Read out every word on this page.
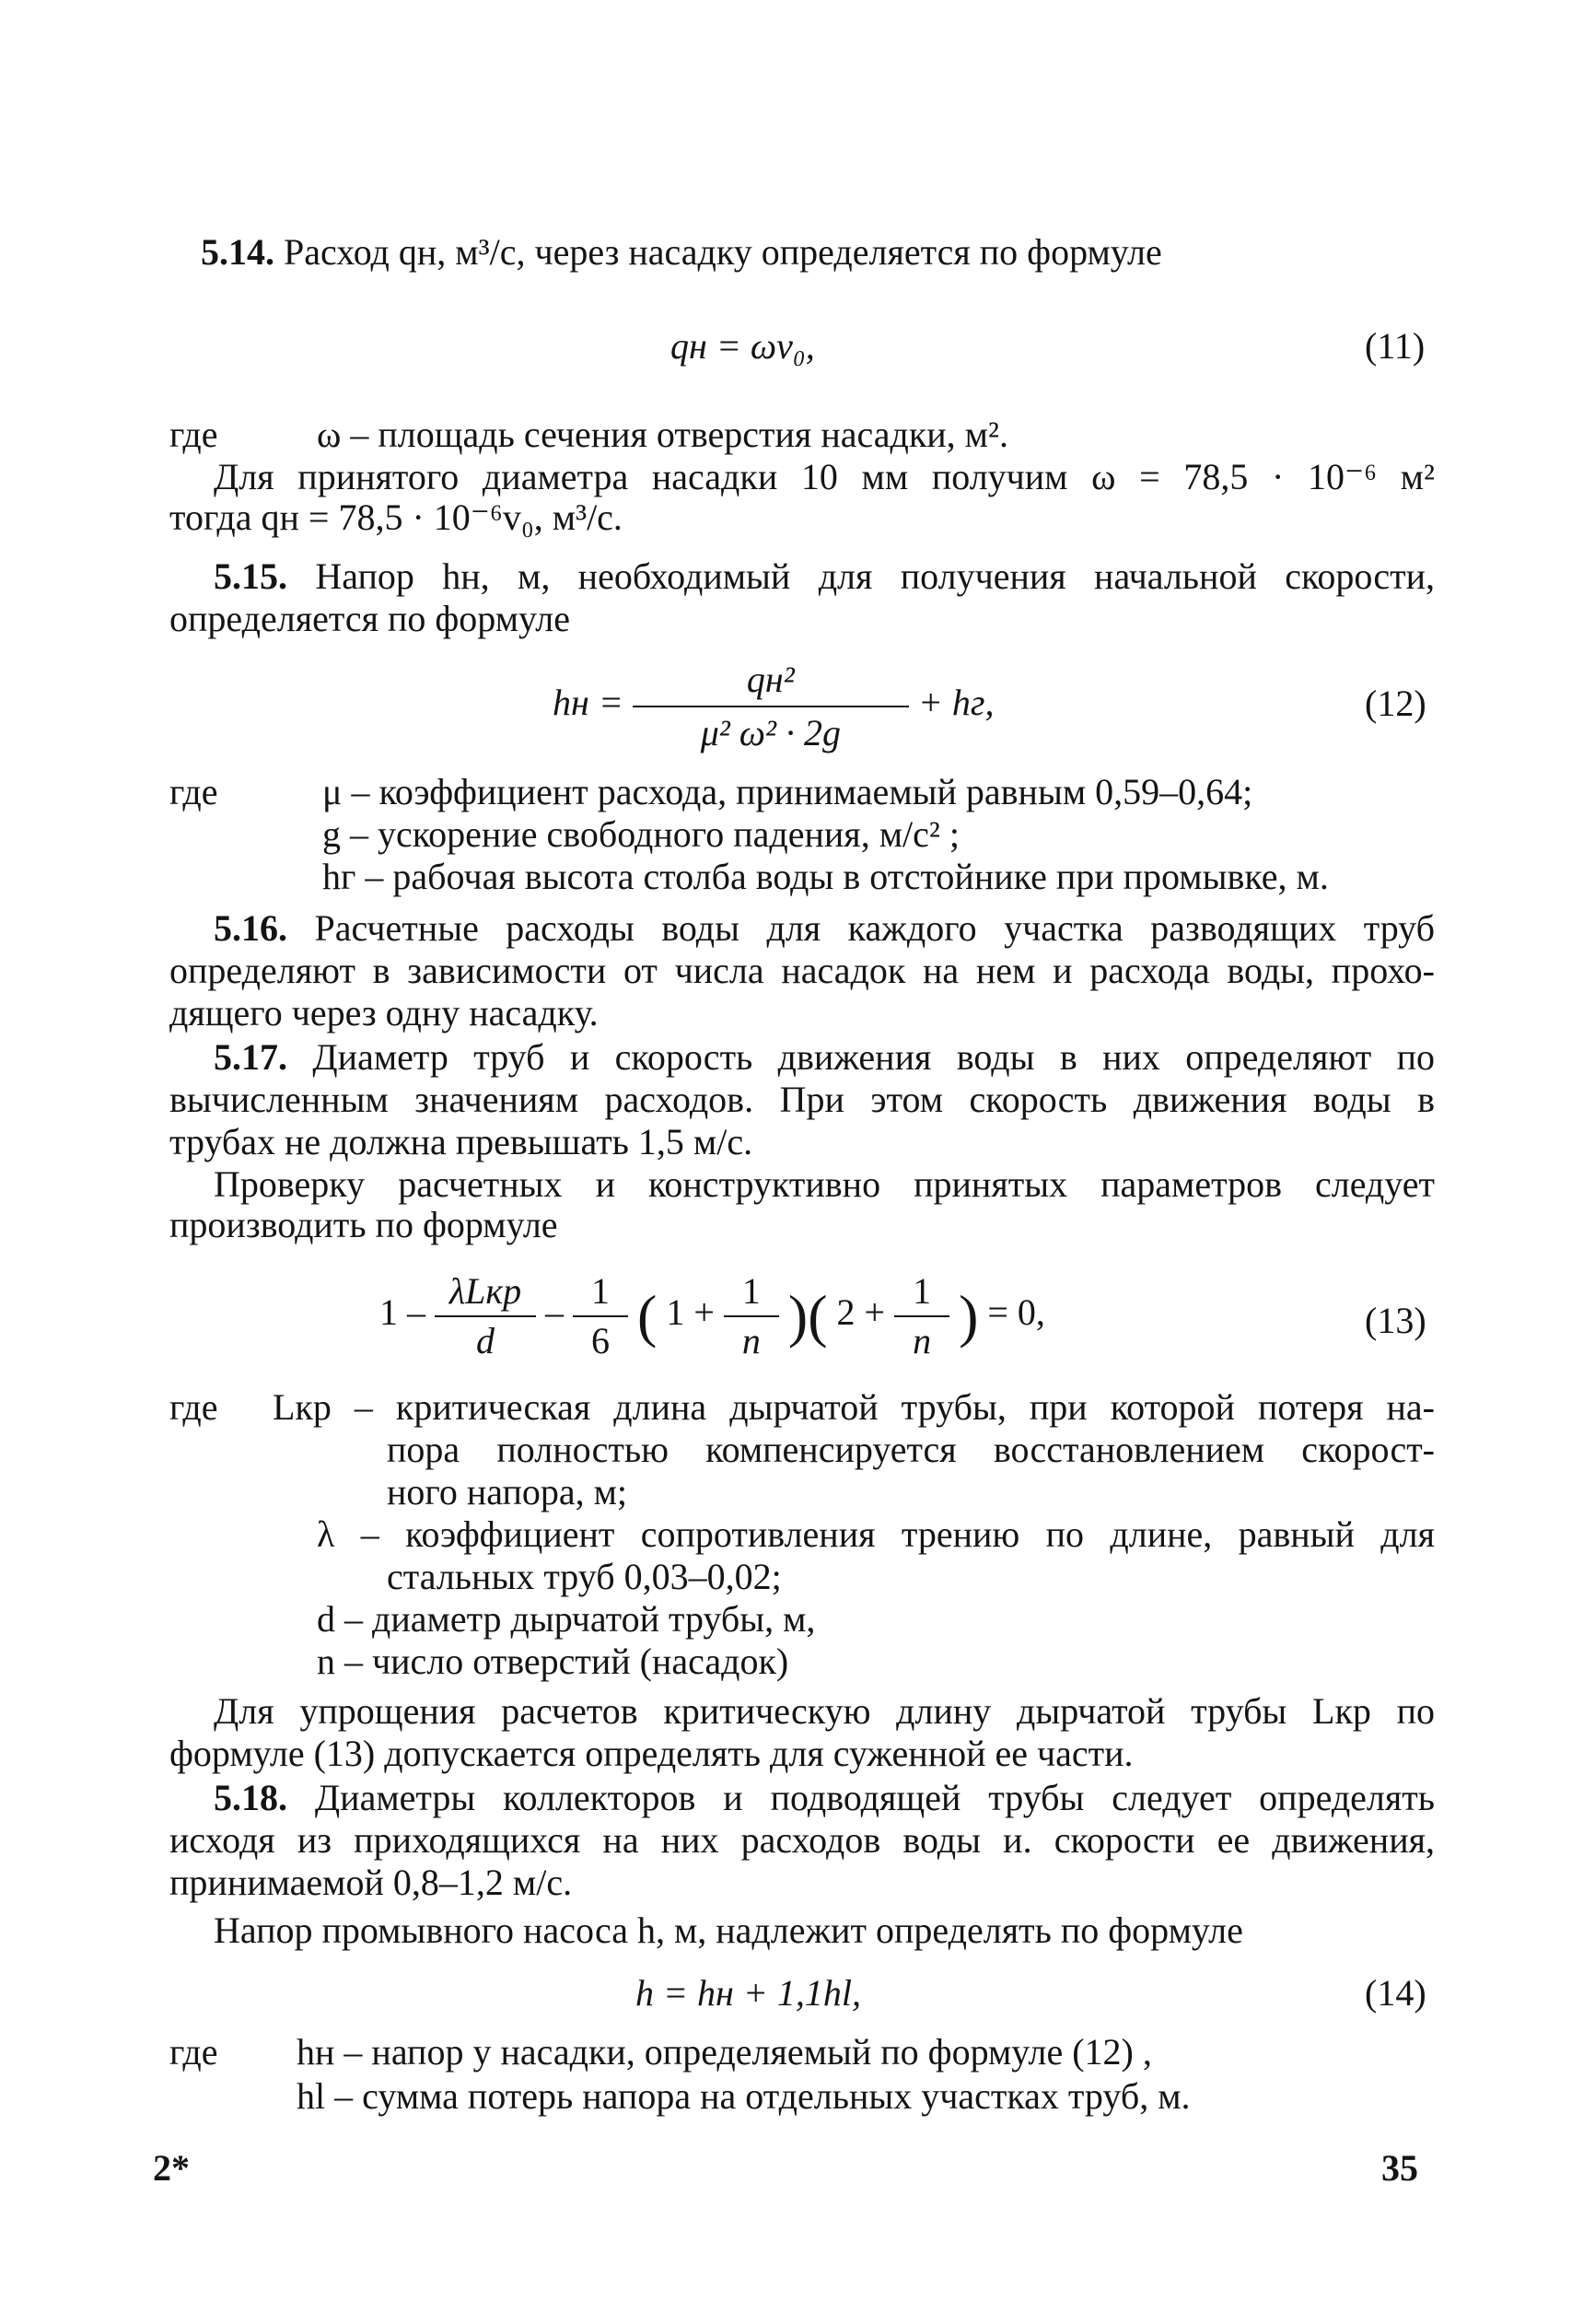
5.14. Расход qн, м³/с, через насадку определяется по формуле
qн = ωv₀,	(11)
где	ω – площадь сечения отверстия насадки, м².
Для принятого диаметра насадки 10 мм получим ω = 78,5 · 10⁻⁶ м²
тогда qн = 78,5 · 10⁻⁶v₀, м³/с.
5.15. Напор hн, м, необходимый для получения начальной скорости,
определяется по формуле
hн = $\frac{\text{qн²}}{\text{μ² ω² · 2g}}$ + hг,	(12)
где	μ – коэффициент расхода, принимаемый равным 0,59–0,64;
g – ускорение свободного падения, м/с² ;
hг – рабочая высота столба воды в отстойнике при промывке, м.
5.16. Расчетные расходы воды для каждого участка разводящих труб
определяют в зависимости от числа насадок на нем и расхода воды, прохо-
дящего через одну насадку.
5.17. Диаметр труб и скорость движения воды в них определяют по
вычисленным значениям расходов. При этом скорость движения воды в
трубах не должна превышать 1,5 м/с.
Проверку расчетных и конструктивно принятых параметров следует
производить по формуле
$1 - \frac{\text{λLкр}}{d} - \frac{1}{6}$ ( $1 + \frac{1}{n}$ )( $2 + \frac{1}{n}$ ) = 0,	(13)
где Lкр – критическая длина дырчатой трубы, при которой потеря на-
пора полностью компенсируется восстановлением скорост-
ного напора, м;
λ – коэффициент сопротивления трению по длине, равный для
стальных труб 0,03–0,02;
d – диаметр дырчатой трубы, м,
n – число отверстий (насадок)
Для упрощения расчетов критическую длину дырчатой трубы Lкр по
формуле (13) допускается определять для суженной ее части.
5.18. Диаметры коллекторов и подводящей трубы следует определять
исходя из приходящихся на них расходов воды и. скорости ее движения,
принимаемой 0,8–1,2 м/с.
Напор промывного насоса h, м, надлежит определять по формуле
h = hн + 1,1hl,	(14)
где hн – напор у насадки, определяемый по формуле (12) ,
hl – сумма потерь напора на отдельных участках труб, м.
2*	35
